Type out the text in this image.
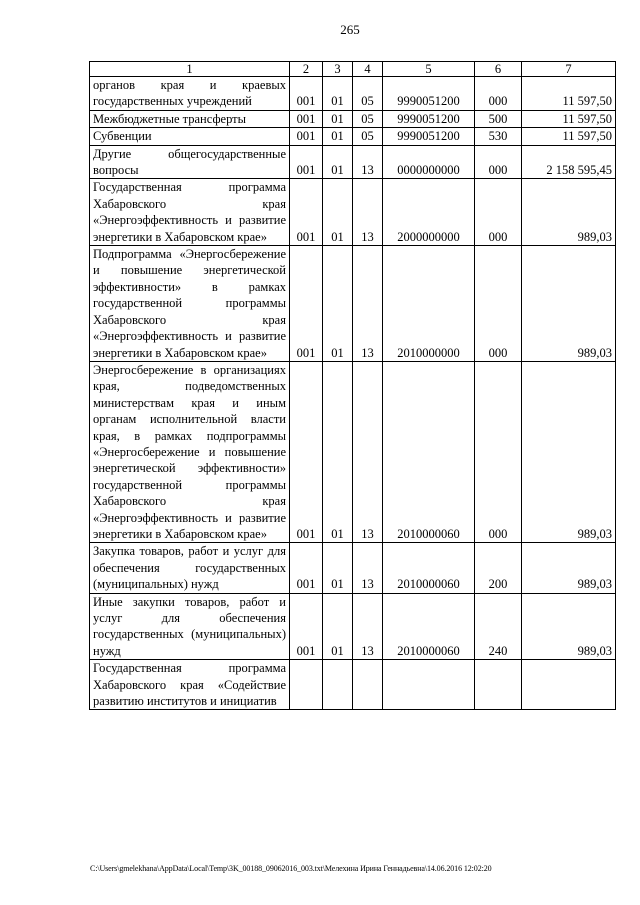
265
1	2	3	4	5	6	7
органов края и краевых государственных учреждений	001	01	05	9990051200	000	11 597,50
Межбюджетные трансферты	001	01	05	9990051200	500	11 597,50
Субвенции	001	01	05	9990051200	530	11 597,50
Другие общегосударственные вопросы	001	01	13	0000000000	000	2 158 595,45
Государственная программа Хабаровского края «Энергоэффективность и развитие энергетики в Хабаровском крае»	001	01	13	2000000000	000	989,03
Подпрограмма «Энергосбережение и повышение энергетической эффективности» в рамках государственной программы Хабаровского края «Энергоэффективность и развитие энергетики в Хабаровском крае»	001	01	13	2010000000	000	989,03
Энергосбережение в организациях края, подведомственных министерствам края и иным органам исполнительной власти края, в рамках подпрограммы «Энергосбережение и повышение энергетической эффективности» государственной программы Хабаровского края «Энергоэффективность и развитие энергетики в Хабаровском крае»	001	01	13	2010000060	000	989,03
Закупка товаров, работ и услуг для обеспечения государственных (муниципальных) нужд	001	01	13	2010000060	200	989,03
Иные закупки товаров, работ и услуг для обеспечения государственных (муниципальных) нужд	001	01	13	2010000060	240	989,03
Государственная программа Хабаровского края «Содействие развитию институтов и инициатив						
C:\Users\gmelekhana\AppData\Local\Temp\3K_00188_09062016_003.txt\Мелехина Ирина Геннадьевна\14.06.2016 12:02:20
